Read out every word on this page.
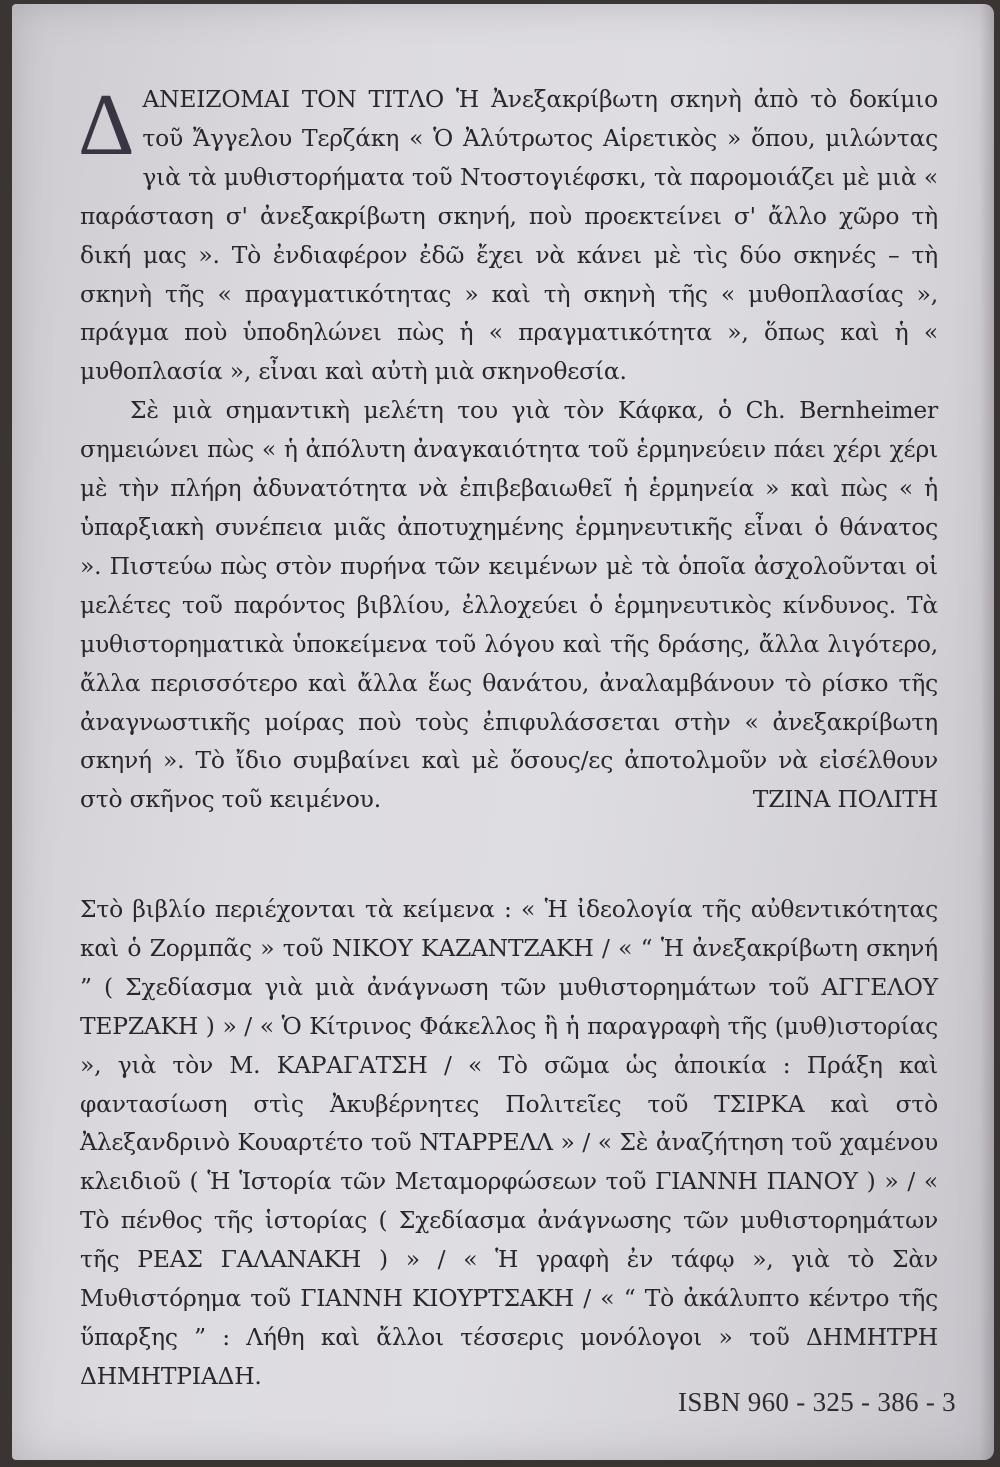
Δ ΑΝΕΙΖΟΜΑΙ ΤΟΝ ΤΙΤΛΟ Ἡ Ἀνεξακρίβωτη σκηνὴ ἀπὸ τὸ δοκίμιο τοῦ Ἄγγελου Τερζάκη « Ὁ Ἀλύτρωτος Αἱρετικὸς » ὅπου, μιλώντας γιὰ τὰ μυθιστορήματα τοῦ Ντοστογιέφσκι, τὰ παρομοιάζει μὲ μιὰ « παράσταση σ' ἀνεξακρίβωτη σκηνή, ποὺ προεκτείνει σ' ἄλλο χῶρο τὴ δική μας ». Τὸ ἐνδιαφέρον ἐδῶ ἔχει νὰ κάνει μὲ τὶς δύο σκηνές – τὴ σκηνὴ τῆς « πραγματικότητας » καὶ τὴ σκηνὴ τῆς « μυθοπλασίας », πράγμα ποὺ ὑποδηλώνει πὼς ἡ « πραγματικότητα », ὅπως καὶ ἡ « μυθοπλασία », εἶναι καὶ αὐτὴ μιὰ σκηνοθεσία.

Σὲ μιὰ σημαντικὴ μελέτη του γιὰ τὸν Κάφκα, ὁ Ch. Bernheimer σημειώνει πὼς « ἡ ἀπόλυτη ἀναγκαιότητα τοῦ ἑρμηνεύειν πάει χέρι χέρι μὲ τὴν πλήρη ἀδυνατότητα νὰ ἐπιβεβαιωθεῖ ἡ ἑρμηνεία » καὶ πὼς « ἡ ὑπαρξιακὴ συνέπεια μιᾶς ἀποτυχημένης ἑρμηνευτικῆς εἶναι ὁ θάνατος ». Πιστεύω πὼς στὸν πυρήνα τῶν κειμένων μὲ τὰ ὁποῖα ἀσχολοῦνται οἱ μελέτες τοῦ παρόντος βιβλίου, ἐλλοχεύει ὁ ἑρμηνευτικὸς κίνδυνος. Τὰ μυθιστορηματικὰ ὑποκείμενα τοῦ λόγου καὶ τῆς δράσης, ἄλλα λιγότερο, ἄλλα περισσότερο καὶ ἄλλα ἕως θανάτου, ἀναλαμβάνουν τὸ ρίσκο τῆς ἀναγνωστικῆς μοίρας ποὺ τοὺς ἐπιφυλάσσεται στὴν « ἀνεξακρίβωτη σκηνή ». Τὸ ἴδιο συμβαίνει καὶ μὲ ὅσους/ες ἀποτολμοῦν νὰ εἰσέλθουν στὸ σκῆνος τοῦ κειμένου.	ΤΖΙΝΑ ΠΟΛΙΤΗ

Στὸ βιβλίο περιέχονται τὰ κείμενα : « Ἡ ἰδεολογία τῆς αὐθεντικότητας καὶ ὁ Ζορμπᾶς » τοῦ ΝΙΚΟΥ ΚΑΖΑΝΤΖΑΚΗ / « “ Ἡ ἀνεξακρίβωτη σκηνή ” ( Σχεδίασμα γιὰ μιὰ ἀνάγνωση τῶν μυθιστορημάτων τοῦ ΑΓΓΕΛΟΥ ΤΕΡΖΑΚΗ ) » / « Ὁ Κίτρινος Φάκελλος ἢ ἡ παραγραφὴ τῆς (μυθ)ιστορίας », γιὰ τὸν Μ. ΚΑΡΑΓΑΤΣΗ / « Τὸ σῶμα ὡς ἀποικία : Πράξη καὶ φαντασίωση στὶς Ἀκυβέρνητες Πολιτεῖες τοῦ ΤΣΙΡΚΑ καὶ στὸ Ἀλεξανδρινὸ Κουαρτέτο τοῦ ΝΤΑΡΡΕΛΛ » / « Σὲ ἀναζήτηση τοῦ χαμένου κλειδιοῦ ( Ἡ Ἱστορία τῶν Μεταμορφώσεων τοῦ ΓΙΑΝΝΗ ΠΑΝΟΥ ) » / « Τὸ πένθος τῆς ἱστορίας ( Σχεδίασμα ἀνάγνωσης τῶν μυθιστορημάτων τῆς ΡΕΑΣ ΓΑΛΑΝΑΚΗ ) » / « Ἡ γραφὴ ἐν τάφῳ », γιὰ τὸ Σὰν Μυθιστόρημα τοῦ ΓΙΑΝΝΗ ΚΙΟΥΡΤΣΑΚΗ / « “ Τὸ ἀκάλυπτο κέντρο τῆς ὕπαρξης ” : Λήθη καὶ ἄλλοι τέσσερις μονόλογοι » τοῦ ΔΗΜΗΤΡΗ ΔΗΜΗΤΡΙΑΔΗ.

ISBN 960 - 325 - 386 - 3
